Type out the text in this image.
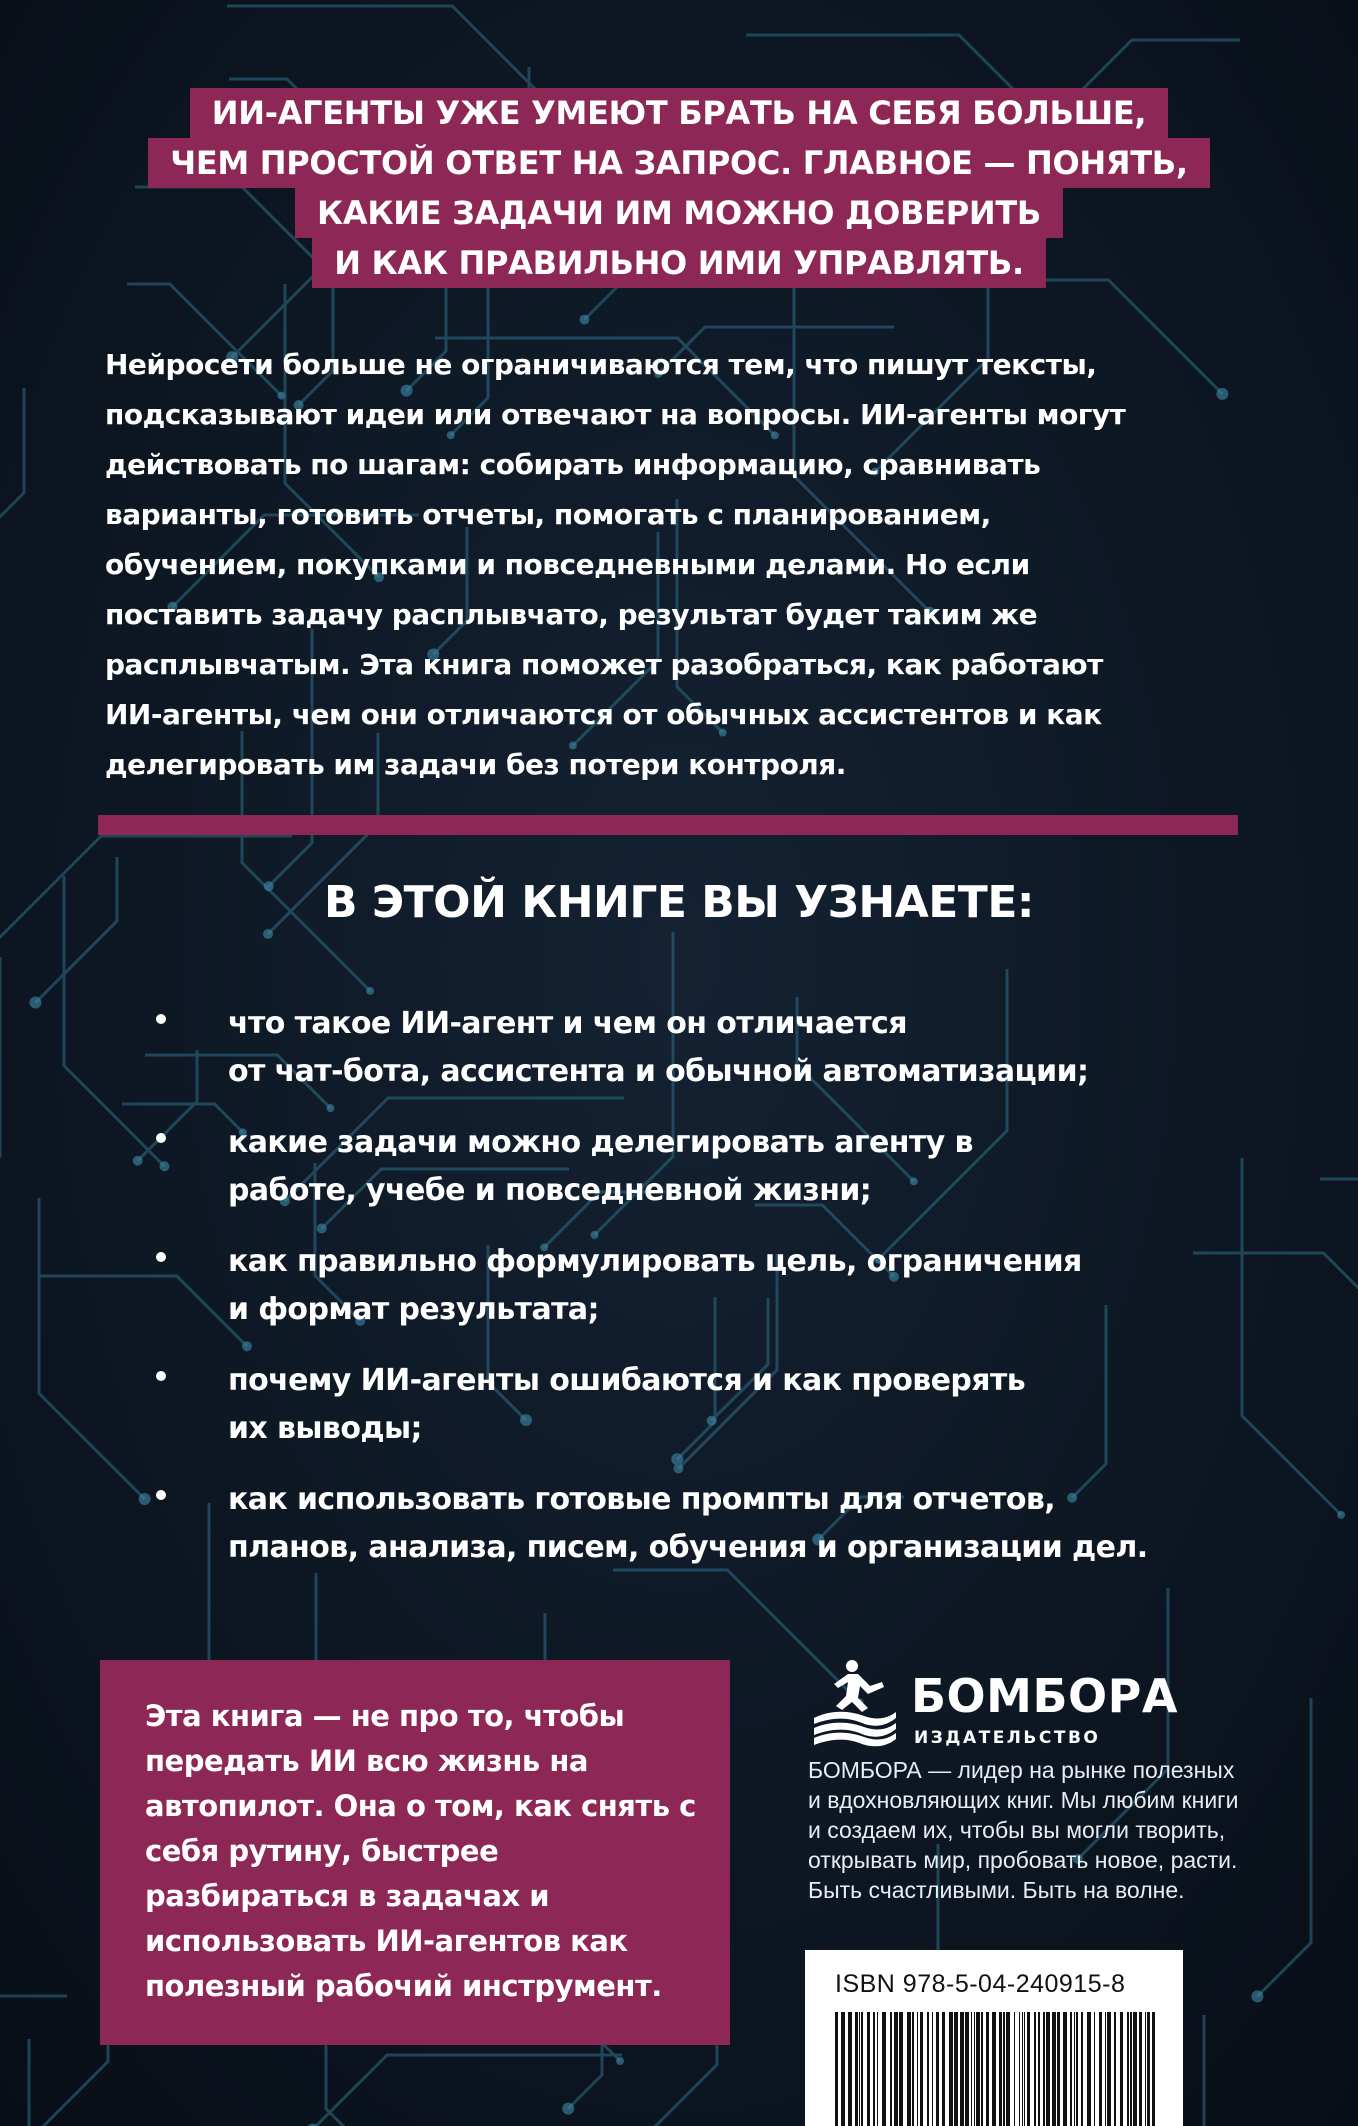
ИИ-АГЕНТЫ УЖЕ УМЕЮТ БРАТЬ НА СЕБЯ БОЛЬШЕ,
ЧЕМ ПРОСТОЙ ОТВЕТ НА ЗАПРОС. ГЛАВНОЕ — ПОНЯТЬ,
КАКИЕ ЗАДАЧИ ИМ МОЖНО ДОВЕРИТЬ
И КАК ПРАВИЛЬНО ИМИ УПРАВЛЯТЬ.

Нейросети больше не ограничиваются тем, что пишут тексты,

подсказывают идеи или отвечают на вопросы. ИИ-агенты могут

действовать по шагам: собирать информацию, сравнивать

варианты, готовить отчеты, помогать с планированием,

обучением, покупками и повседневными делами. Но если

поставить задачу расплывчато, результат будет таким же

расплывчатым. Эта книга поможет разобраться, как работают

ИИ-агенты, чем они отличаются от обычных ассистентов и как

делегировать им задачи без потери контроля.

В ЭТОЙ КНИГЕ ВЫ УЗНАЕТЕ:
что такое ИИ-агент и чем он отличается
от чат-бота, ассистента и обычной автоматизации;
какие задачи можно делегировать агенту в
работе, учебе и повседневной жизни;
как правильно формулировать цель, ограничения
и формат результата;
почему ИИ-агенты ошибаются и как проверять
их выводы;
как использовать готовые промпты для отчетов,
планов, анализа, писем, обучения и организации дел.
Эта книга — не про то, чтобы
передать ИИ всю жизнь на
автопилот. Она о том, как снять с
себя рутину, быстрее
разбираться в задачах и
использовать ИИ-агентов как
полезный рабочий инструмент.
БОМБОРА
ИЗДАТЕЛЬСТВО
БОМБОРА — лидер на рынке полезных
и вдохновляющих книг. Мы любим книги
и создаем их, чтобы вы могли творить,
открывать мир, пробовать новое, расти.
Быть счастливыми. Быть на волне.
ISBN 978-5-04-240915-8
